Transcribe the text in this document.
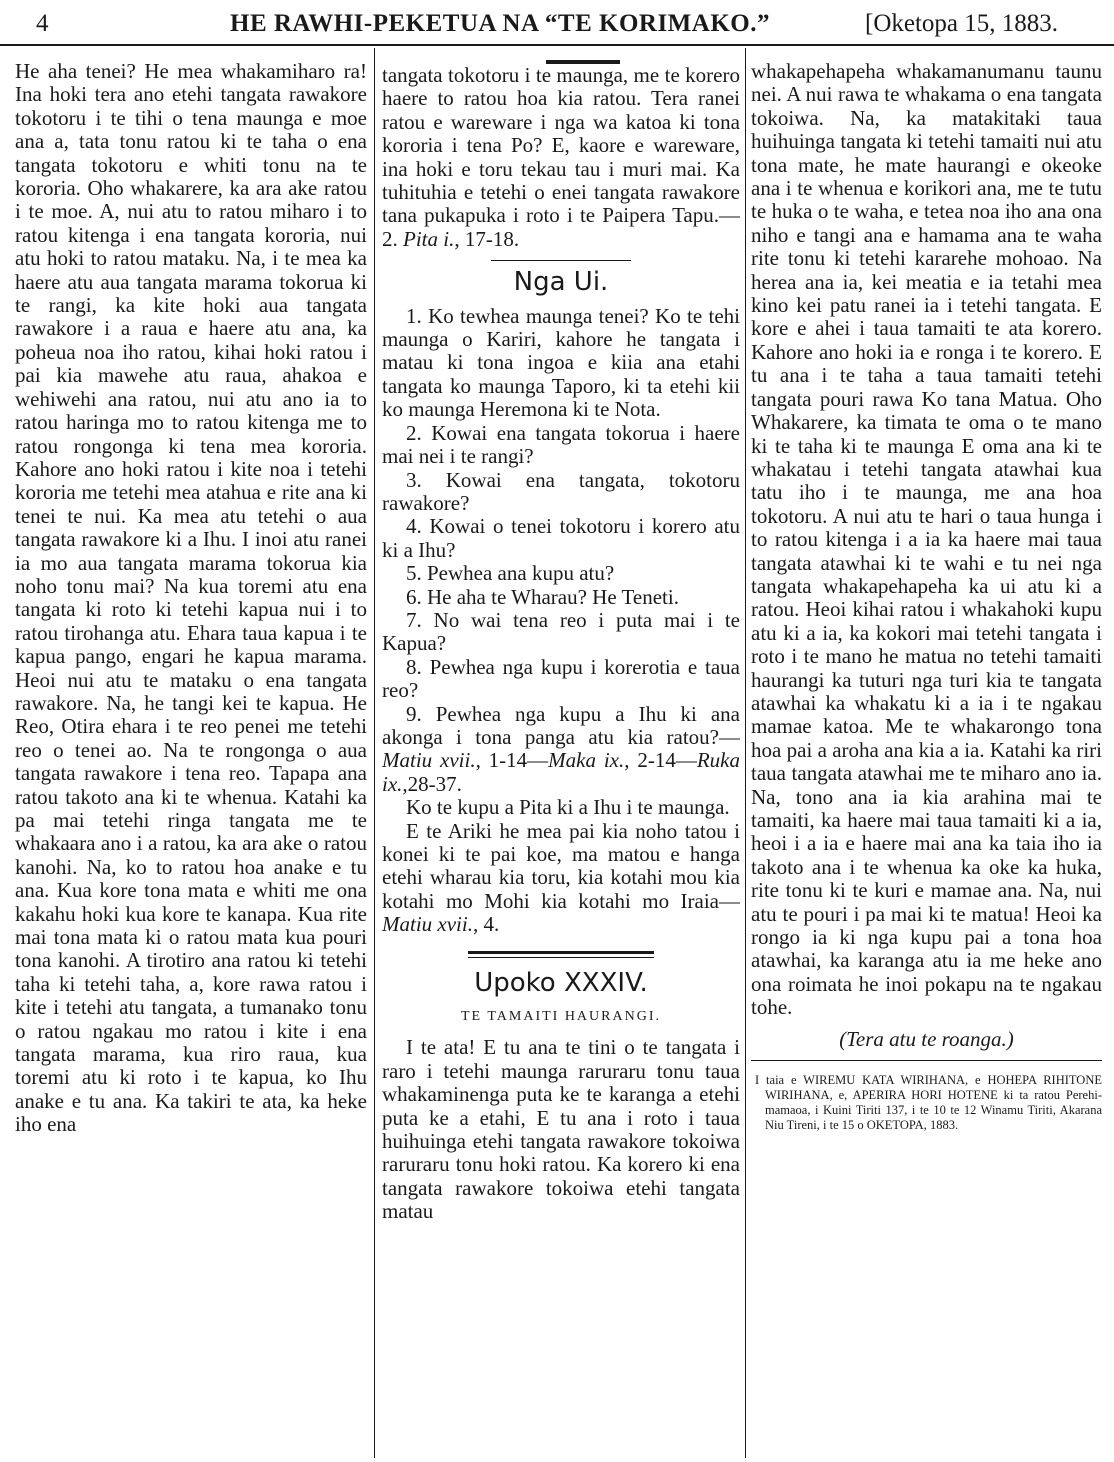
4	HE RAWHI-PEKETUA NA “TE KORIMAKO.”	[Oketopa 15, 1883.

He aha tenei? He mea whakamiharo ra! Ina hoki tera ano etehi tangata rawakore tokotoru i te tihi o tena maunga e moe ana a, tata tonu ratou ki te taha o ena tangata tokotoru e whiti tonu na te kororia. Oho whakarere, ka ara ake ratou i te moe. A, nui atu to ratou miharo i to ratou kitenga i ena tangata kororia, nui atu hoki to ratou mataku. Na, i te mea ka haere atu aua tangata marama tokorua ki te rangi, ka kite hoki aua tangata rawakore i a raua e haere atu ana, ka poheua noa iho ratou, kihai hoki ratou i pai kia mawehe atu raua, ahakoa e wehiwehi ana ratou, nui atu ano ia to ratou haringa mo to ratou kitenga me to ratou rongonga ki tena mea kororia. Kahore ano hoki ratou i kite noa i tetehi kororia me tetehi mea atahua e rite ana ki tenei te nui. Ka mea atu tetehi o aua tangata rawakore ki a Ihu. I inoi atu ranei ia mo aua tangata marama tokorua kia noho tonu mai? Na kua toremi atu ena tangata ki roto ki tetehi kapua nui i to ratou tirohanga atu. Ehara taua kapua i te kapua pango, engari he kapua marama. Heoi nui atu te mataku o ena tangata rawakore. Na, he tangi kei te kapua. He Reo, Otira ehara i te reo penei me tetehi reo o tenei ao. Na te rongonga o aua tangata rawakore i tena reo. Tapapa ana ratou takoto ana ki te whenua. Katahi ka pa mai tetehi ringa tangata me te whakaara ano i a ratou, ka ara ake o ratou kanohi. Na, ko to ratou hoa anake e tu ana. Kua kore tona mata e whiti me ona kakahu hoki kua kore te kanapa. Kua rite mai tona mata ki o ratou mata kua pouri tona kanohi. A tirotiro ana ratou ki tetehi taha ki tetehi taha, a, kore rawa ratou i kite i tetehi atu tangata, a tumanako tonu o ratou ngakau mo ratou i kite i ena tangata marama, kua riro raua, kua toremi atu ki roto i te kapua, ko Ihu anake e tu ana. Ka takiri te ata, ka heke iho ena

tangata tokotoru i te maunga, me te korero haere to ratou hoa kia ratou. Tera ranei ratou e wareware i nga wa katoa ki tona kororia i tena Po? E, kaore e wareware, ina hoki e toru tekau tau i muri mai. Ka tuhituhia e tetehi o enei tangata rawakore tana pukapuka i roto i te Paipera Tapu.—2. Pita i., 17-18.

Nga Ui.

1. Ko tewhea maunga tenei? Ko te tehi maunga o Kariri, kahore he tangata i matau ki tona ingoa e kiia ana etahi tangata ko maunga Taporo, ki ta etehi kii ko maunga Heremona ki te Nota.

2. Kowai ena tangata tokorua i haere mai nei i te rangi?

3. Kowai ena tangata, tokotoru rawakore?

4. Kowai o tenei tokotoru i korero atu ki a Ihu?

5. Pewhea ana kupu atu?

6. He aha te Wharau? He Teneti.

7. No wai tena reo i puta mai i te Kapua?

8. Pewhea nga kupu i korerotia e taua reo?

9. Pewhea nga kupu a Ihu ki ana akonga i tona panga atu kia ratou?—Matiu xvii., 1-14—Maka ix., 2-14—Ruka ix.,28-37.

Ko te kupu a Pita ki a Ihu i te maunga.

E te Ariki he mea pai kia noho tatou i konei ki te pai koe, ma matou e hanga etehi wharau kia toru, kia kotahi mou kia kotahi mo Mohi kia kotahi mo Iraia—Matiu xvii., 4.

Upoko XXXIV.
TE TAMAITI HAURANGI.

I te ata! E tu ana te tini o te tangata i raro i tetehi maunga raruraru tonu taua whakaminenga puta ke te karanga a etehi puta ke a etahi, E tu ana i roto i taua huihuinga etehi tangata rawakore tokoiwa raruraru tonu hoki ratou. Ka korero ki ena tangata rawakore tokoiwa etehi tangata matau

whakapehapeha whakamanumanu taunu nei. A nui rawa te whakama o ena tangata tokoiwa. Na, ka matakitaki taua huihuinga tangata ki tetehi tamaiti nui atu tona mate, he mate haurangi e okeoke ana i te whenua e korikori ana, me te tutu te huka o te waha, e tetea noa iho ana ona niho e tangi ana e hamama ana te waha rite tonu ki tetehi kararehe mohoao. Na herea ana ia, kei meatia e ia tetahi mea kino kei patu ranei ia i tetehi tangata. E kore e ahei i taua tamaiti te ata korero. Kahore ano hoki ia e ronga i te korero. E tu ana i te taha a taua tamaiti tetehi tangata pouri rawa Ko tana Matua. Oho Whakarere, ka timata te oma o te mano ki te taha ki te maunga E oma ana ki te whakatau i tetehi tangata atawhai kua tatu iho i te maunga, me ana hoa tokotoru. A nui atu te hari o taua hunga i to ratou kitenga i a ia ka haere mai taua tangata atawhai ki te wahi e tu nei nga tangata whakapehapeha ka ui atu ki a ratou. Heoi kihai ratou i whakahoki kupu atu ki a ia, ka kokori mai tetehi tangata i roto i te mano he matua no tetehi tamaiti haurangi ka tuturi nga turi kia te tangata atawhai ka whakatu ki a ia i te ngakau mamae katoa. Me te whakarongo tona hoa pai a aroha ana kia a ia. Katahi ka riri taua tangata atawhai me te miharo ano ia. Na, tono ana ia kia arahina mai te tamaiti, ka haere mai taua tamaiti ki a ia, heoi i a ia e haere mai ana ka taia iho ia takoto ana i te whenua ka oke ka huka, rite tonu ki te kuri e mamae ana. Na, nui atu te pouri i pa mai ki te matua! Heoi ka rongo ia ki nga kupu pai a tona hoa atawhai, ka karanga atu ia me heke ano ona roimata he inoi pokapu na te ngakau tohe.

(Tera atu te roanga.)

I taia e WIREMU KATA WIRIHANA, e HOHEPA RIHITONE WIRIHANA, e, APERIRA HORI HOTENE ki ta ratou Perehi-mamaoa, i Kuini Tiriti 137, i te 10 te 12 Winamu Tiriti, Akarana Niu Tireni, i te 15 o OKETOPA, 1883.
